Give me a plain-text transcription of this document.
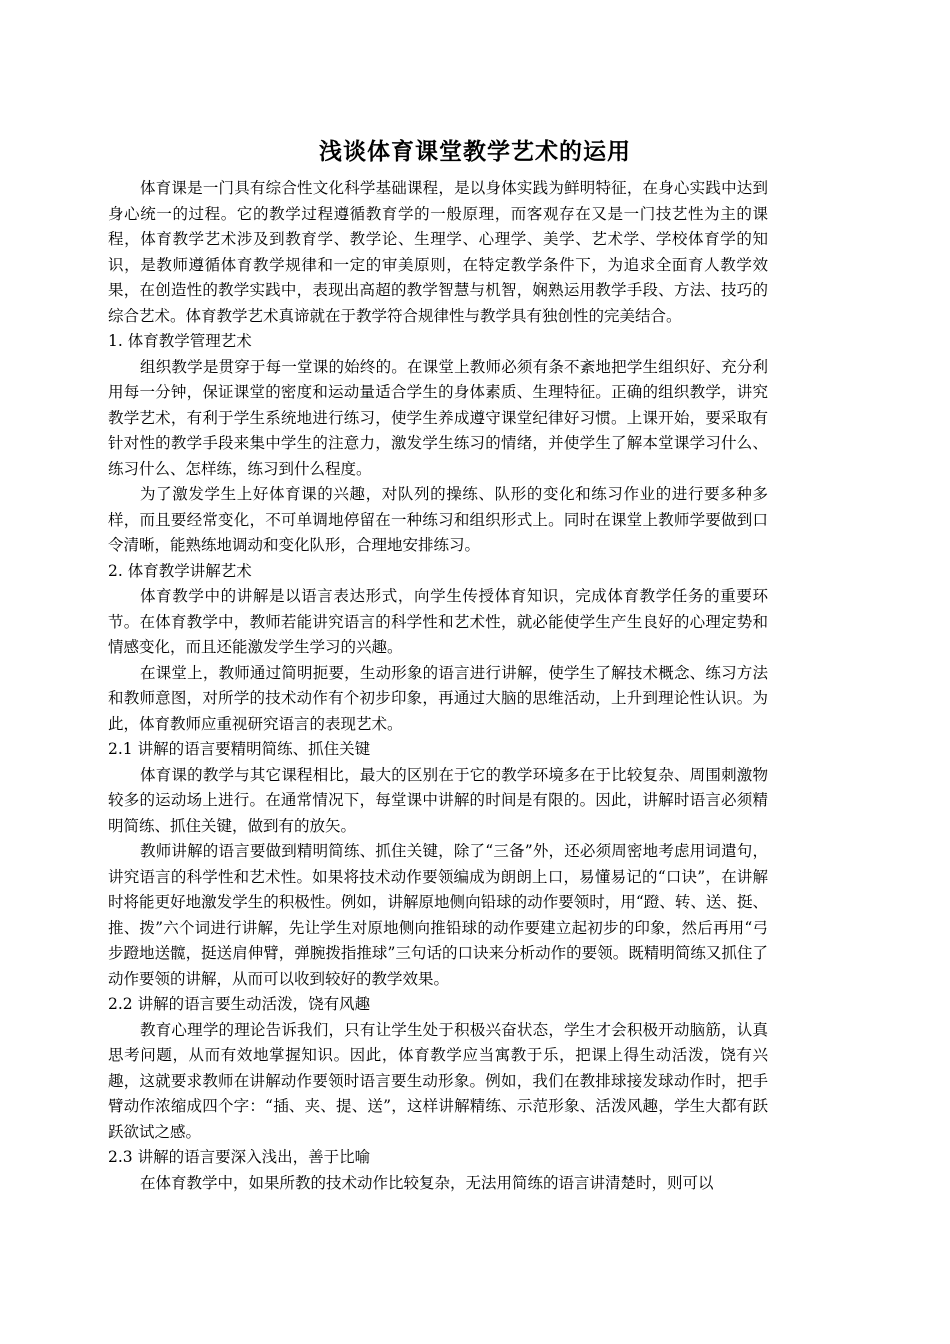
浅谈体育课堂教学艺术的运用

体育课是一门具有综合性文化科学基础课程，是以身体实践为鲜明特征，在身心实践中达到身心统一的过程。它的教学过程遵循教育学的一般原理，而客观存在又是一门技艺性为主的课程，体育教学艺术涉及到教育学、教学论、生理学、心理学、美学、艺术学、学校体育学的知识，是教师遵循体育教学规律和一定的审美原则，在特定教学条件下，为追求全面育人教学效果，在创造性的教学实践中，表现出高超的教学智慧与机智，娴熟运用教学手段、方法、技巧的综合艺术。体育教学艺术真谛就在于教学符合规律性与教学具有独创性的完美结合。

1. 体育教学管理艺术

组织教学是贯穿于每一堂课的始终的。在课堂上教师必须有条不紊地把学生组织好、充分利用每一分钟，保证课堂的密度和运动量适合学生的身体素质、生理特征。正确的组织教学，讲究教学艺术，有利于学生系统地进行练习，使学生养成遵守课堂纪律好习惯。上课开始，要采取有针对性的教学手段来集中学生的注意力，激发学生练习的情绪，并使学生了解本堂课学习什么、练习什么、怎样练，练习到什么程度。

为了激发学生上好体育课的兴趣，对队列的操练、队形的变化和练习作业的进行要多种多样，而且要经常变化，不可单调地停留在一种练习和组织形式上。同时在课堂上教师学要做到口令清晰，能熟练地调动和变化队形，合理地安排练习。

2. 体育教学讲解艺术

体育教学中的讲解是以语言表达形式，向学生传授体育知识，完成体育教学任务的重要环节。在体育教学中，教师若能讲究语言的科学性和艺术性，就必能使学生产生良好的心理定势和情感变化，而且还能激发学生学习的兴趣。

在课堂上，教师通过简明扼要，生动形象的语言进行讲解，使学生了解技术概念、练习方法和教师意图，对所学的技术动作有个初步印象，再通过大脑的思维活动，上升到理论性认识。为此，体育教师应重视研究语言的表现艺术。

2.1 讲解的语言要精明简练、抓住关键

体育课的教学与其它课程相比，最大的区别在于它的教学环境多在于比较复杂、周围刺激物较多的运动场上进行。在通常情况下，每堂课中讲解的时间是有限的。因此，讲解时语言必须精明简练、抓住关键，做到有的放矢。

教师讲解的语言要做到精明简练、抓住关键，除了“三备”外，还必须周密地考虑用词遣句，讲究语言的科学性和艺术性。如果将技术动作要领编成为朗朗上口，易懂易记的“口诀”，在讲解时将能更好地激发学生的积极性。例如，讲解原地侧向铅球的动作要领时，用“蹬、转、送、挺、推、拨”六个词进行讲解，先让学生对原地侧向推铅球的动作要建立起初步的印象，然后再用“弓步蹬地送髋，挺送肩伸臂，弹腕拨指推球”三句话的口诀来分析动作的要领。既精明简练又抓住了动作要领的讲解，从而可以收到较好的教学效果。

2.2 讲解的语言要生动活泼，饶有风趣

教育心理学的理论告诉我们，只有让学生处于积极兴奋状态，学生才会积极开动脑筋，认真思考问题，从而有效地掌握知识。因此，体育教学应当寓教于乐，把课上得生动活泼，饶有兴趣，这就要求教师在讲解动作要领时语言要生动形象。例如，我们在教排球接发球动作时，把手臂动作浓缩成四个字：“插、夹、提、送”，这样讲解精练、示范形象、活泼风趣，学生大都有跃跃欲试之感。

2.3 讲解的语言要深入浅出，善于比喻

在体育教学中，如果所教的技术动作比较复杂，无法用简练的语言讲清楚时，则可以
